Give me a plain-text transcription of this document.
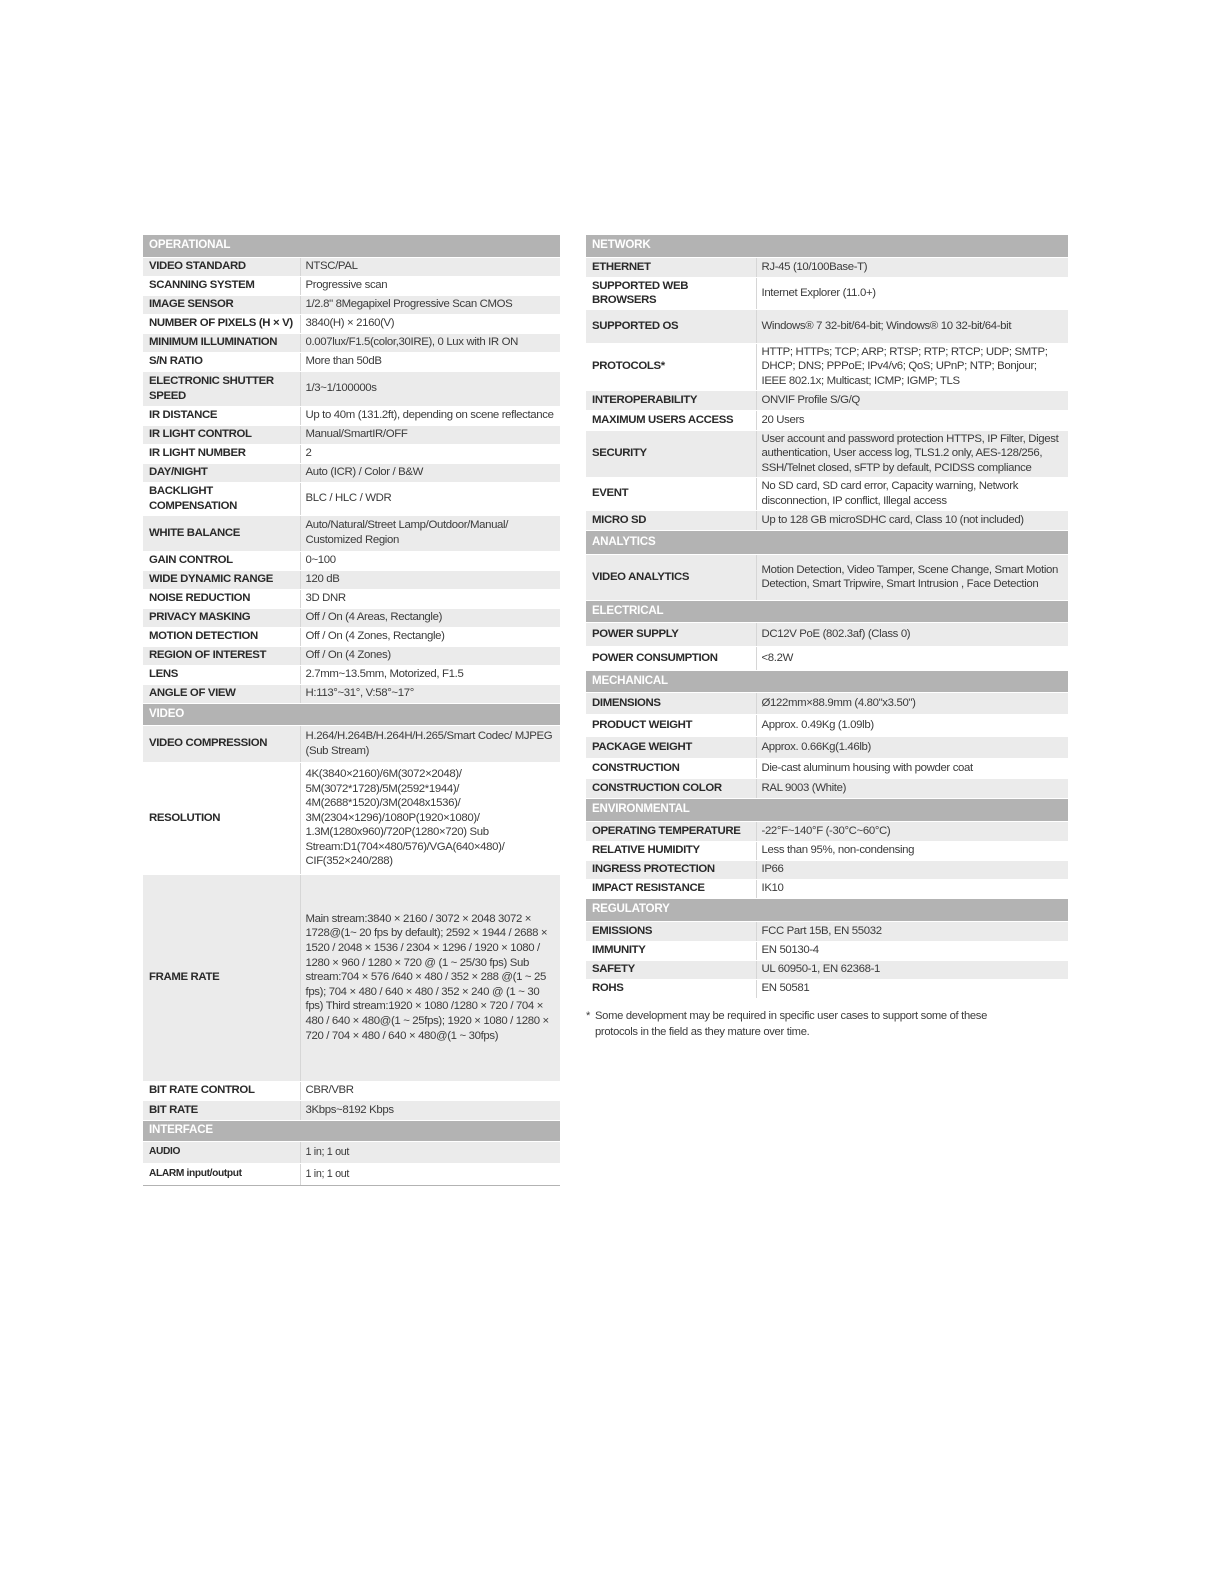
OPERATIONAL	
VIDEO STANDARD	NTSC/PAL
SCANNING SYSTEM	Progressive scan
IMAGE SENSOR	1/2.8" 8Megapixel Progressive Scan CMOS
NUMBER OF PIXELS (H × V)	3840(H) × 2160(V)
MINIMUM ILLUMINATION	0.007lux/F1.5(color,30IRE), 0 Lux with IR ON
S/N RATIO	More than 50dB
ELECTRONIC SHUTTER SPEED	1/3~1/100000s
IR DISTANCE	Up to 40m (131.2ft), depending on scene reflectance
IR LIGHT CONTROL	Manual/SmartIR/OFF
IR LIGHT NUMBER	2
DAY/NIGHT	Auto (ICR) / Color / B&W
BACKLIGHT COMPENSATION	BLC / HLC / WDR
WHITE BALANCE	Auto/Natural/Street Lamp/Outdoor/Manual/ Customized Region
GAIN CONTROL	0~100
WIDE DYNAMIC RANGE	120 dB
NOISE REDUCTION	3D DNR
PRIVACY MASKING	Off / On (4 Areas, Rectangle)
MOTION DETECTION	Off / On (4 Zones, Rectangle)
REGION OF INTEREST	Off / On (4 Zones)
LENS	2.7mm~13.5mm, Motorized, F1.5
ANGLE OF VIEW	H:113°~31°, V:58°~17°
VIDEO	
VIDEO COMPRESSION	H.264/H.264B/H.264H/H.265/Smart Codec/ MJPEG (Sub Stream)
RESOLUTION	4K(3840×2160)/6M(3072×2048)/ 5M(3072*1728)/5M(2592*1944)/ 4M(2688*1520)/3M(2048x1536)/ 3M(2304×1296)/1080P(1920×1080)/ 1.3M(1280x960)/720P(1280×720) Sub Stream:D1(704×480/576)/VGA(640×480)/ CIF(352×240/288)
FRAME RATE	Main stream:3840 × 2160 / 3072 × 2048 3072 × 1728@(1~ 20 fps by default); 2592 × 1944 / 2688 × 1520 / 2048 × 1536 / 2304 × 1296 / 1920 × 1080 / 1280 × 960 / 1280 × 720 @ (1 ~ 25/30 fps) Sub stream:704 × 576 /640 × 480 / 352 × 288 @(1 ~ 25 fps); 704 × 480 / 640 × 480 / 352 × 240 @ (1 ~ 30 fps) Third stream:1920 × 1080 /1280 × 720 / 704 × 480 / 640 × 480@(1 ~ 25fps); 1920 × 1080 / 1280 × 720 / 704 × 480 / 640 × 480@(1 ~ 30fps)
BIT RATE CONTROL	CBR/VBR
BIT RATE	3Kbps~8192 Kbps
INTERFACE	
AUDIO	1 in; 1 out
ALARM input/output	1 in; 1 out
NETWORK	
ETHERNET	RJ-45 (10/100Base-T)
SUPPORTED WEB BROWSERS	Internet Explorer (11.0+)
SUPPORTED OS	Windows® 7 32-bit/64-bit; Windows® 10 32-bit/64-bit
PROTOCOLS*	HTTP; HTTPs; TCP; ARP; RTSP; RTP; RTCP; UDP; SMTP; DHCP; DNS; PPPoE; IPv4/v6; QoS; UPnP; NTP; Bonjour; IEEE 802.1x; Multicast; ICMP; IGMP; TLS
INTEROPERABILITY	ONVIF Profile S/G/Q
MAXIMUM USERS ACCESS	20 Users
SECURITY	User account and password protection HTTPS, IP Filter, Digest authentication, User access log, TLS1.2 only, AES-128/256, SSH/Telnet closed, sFTP by default, PCIDSS compliance
EVENT	No SD card, SD card error, Capacity warning, Network disconnection, IP conflict, Illegal access
MICRO SD	Up to 128 GB microSDHC card, Class 10 (not included)
ANALYTICS	
VIDEO ANALYTICS	Motion Detection, Video Tamper, Scene Change, Smart Motion Detection, Smart Tripwire, Smart Intrusion , Face Detection
ELECTRICAL	
POWER SUPPLY	DC12V PoE (802.3af) (Class 0)
POWER CONSUMPTION	<8.2W
MECHANICAL	
DIMENSIONS	Ø122mm×88.9mm (4.80"x3.50")
PRODUCT WEIGHT	Approx. 0.49Kg (1.09lb)
PACKAGE WEIGHT	Approx. 0.66Kg(1.46lb)
CONSTRUCTION	Die-cast aluminum housing with powder coat
CONSTRUCTION COLOR	RAL 9003 (White)
ENVIRONMENTAL	
OPERATING TEMPERATURE	-22°F~140°F (-30°C~60°C)
RELATIVE HUMIDITY	Less than 95%, non-condensing
INGRESS PROTECTION	IP66
IMPACT RESISTANCE	IK10
REGULATORY	
EMISSIONS	FCC Part 15B, EN 55032
IMMUNITY	EN 50130-4
SAFETY	UL 60950-1, EN 62368-1
ROHS	EN 50581
* Some development may be required in specific user cases to support some of these protocols in the field as they mature over time.
